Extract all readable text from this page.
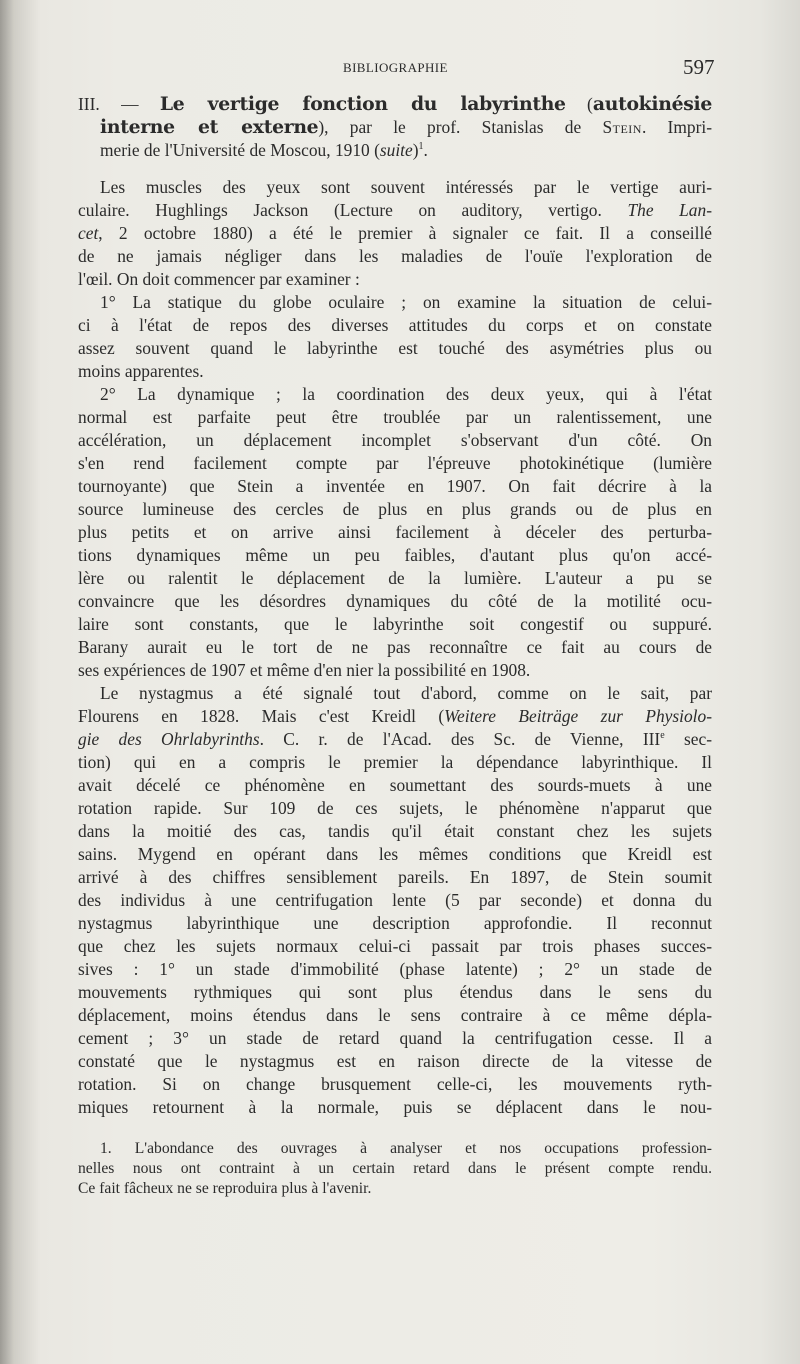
BIBLIOGRAPHIE	597
III. — Le vertige fonction du labyrinthe (autokinésie
interne et externe), par le prof. Stanislas de Stein. Impri-
merie de l'Université de Moscou, 1910 (suite)$^1$.
Les muscles des yeux sont souvent intéressés par le vertige auri-
culaire. Hughlings Jackson (Lecture on auditory, vertigo. The Lan-
cet, 2 octobre 1880) a été le premier à signaler ce fait. Il a conseillé
de ne jamais négliger dans les maladies de l'ouïe l'exploration de
l'œil. On doit commencer par examiner :
1° La statique du globe oculaire ; on examine la situation de celui-
ci à l'état de repos des diverses attitudes du corps et on constate
assez souvent quand le labyrinthe est touché des asymétries plus ou
moins apparentes.
2° La dynamique ; la coordination des deux yeux, qui à l'état
normal est parfaite peut être troublée par un ralentissement, une
accélération, un déplacement incomplet s'observant d'un côté. On
s'en rend facilement compte par l'épreuve photokinétique (lumière
tournoyante) que Stein a inventée en 1907. On fait décrire à la
source lumineuse des cercles de plus en plus grands ou de plus en
plus petits et on arrive ainsi facilement à déceler des perturba-
tions dynamiques même un peu faibles, d'autant plus qu'on accé-
lère ou ralentit le déplacement de la lumière. L'auteur a pu se
convaincre que les désordres dynamiques du côté de la motilité ocu-
laire sont constants, que le labyrinthe soit congestif ou suppuré.
Barany aurait eu le tort de ne pas reconnaître ce fait au cours de
ses expériences de 1907 et même d'en nier la possibilité en 1908.
Le nystagmus a été signalé tout d'abord, comme on le sait, par
Flourens en 1828. Mais c'est Kreidl (Weitere Beiträge zur Physiolo-
gie des Ohrlabyrinths. C. r. de l'Acad. des Sc. de Vienne, IIIe sec-
tion) qui en a compris le premier la dépendance labyrinthique. Il
avait décelé ce phénomène en soumettant des sourds-muets à une
rotation rapide. Sur 109 de ces sujets, le phénomène n'apparut que
dans la moitié des cas, tandis qu'il était constant chez les sujets
sains. Mygend en opérant dans les mêmes conditions que Kreidl est
arrivé à des chiffres sensiblement pareils. En 1897, de Stein soumit
des individus à une centrifugation lente (5 par seconde) et donna du
nystagmus labyrinthique une description approfondie. Il reconnut
que chez les sujets normaux celui-ci passait par trois phases succes-
sives : 1° un stade d'immobilité (phase latente) ; 2° un stade de
mouvements rythmiques qui sont plus étendus dans le sens du
déplacement, moins étendus dans le sens contraire à ce même dépla-
cement ; 3° un stade de retard quand la centrifugation cesse. Il a
constaté que le nystagmus est en raison directe de la vitesse de
rotation. Si on change brusquement celle-ci, les mouvements ryth-
miques retournent à la normale, puis se déplacent dans le nou-
1. L'abondance des ouvrages à analyser et nos occupations profession-
nelles nous ont contraint à un certain retard dans le présent compte rendu.
Ce fait fâcheux ne se reproduira plus à l'avenir.
